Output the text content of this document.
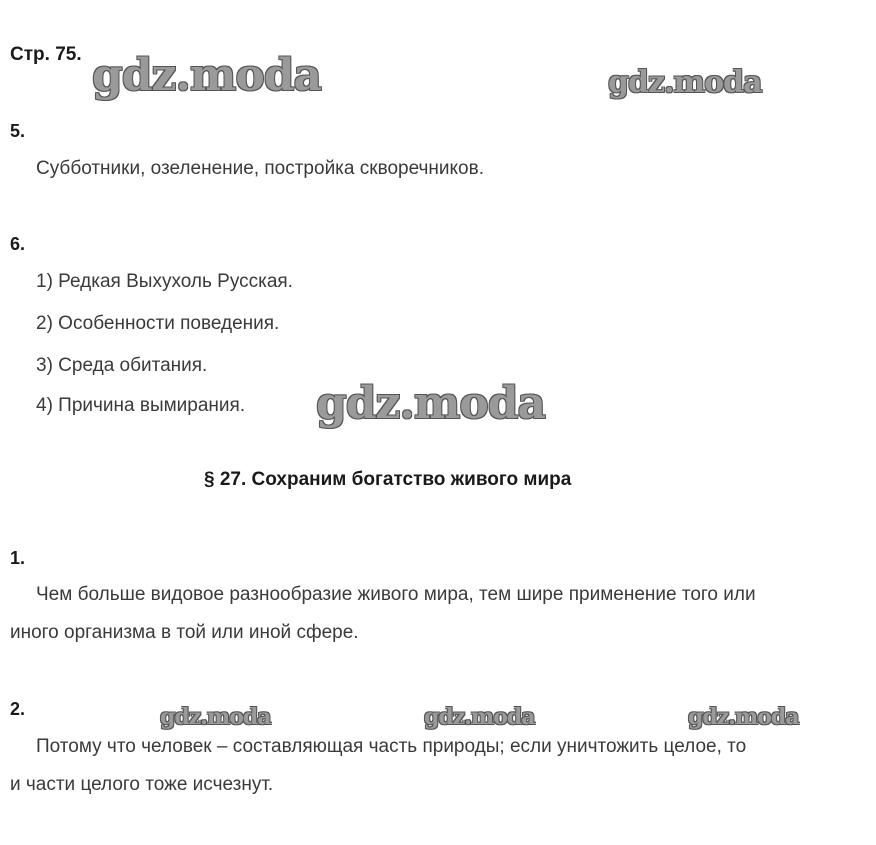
Стр. 75. gdz.moda	gdz.moda
gdz.moda
gdz.moda	gdz.moda	gdz.moda
5.
Субботники, озеленение, постройка скворечников.
6.
1) Редкая Выхухоль Русская.
2) Особенности поведения.
3) Среда обитания.
4) Причина вымирания.
§ 27. Сохраним богатство живого мира
1.
Чем больше видовое разнообразие живого мира, тем шире применение того или
иного организма в той или иной сфере.
2.
Потому что человек – составляющая часть природы; если уничтожить целое, то
и части целого тоже исчезнут.
